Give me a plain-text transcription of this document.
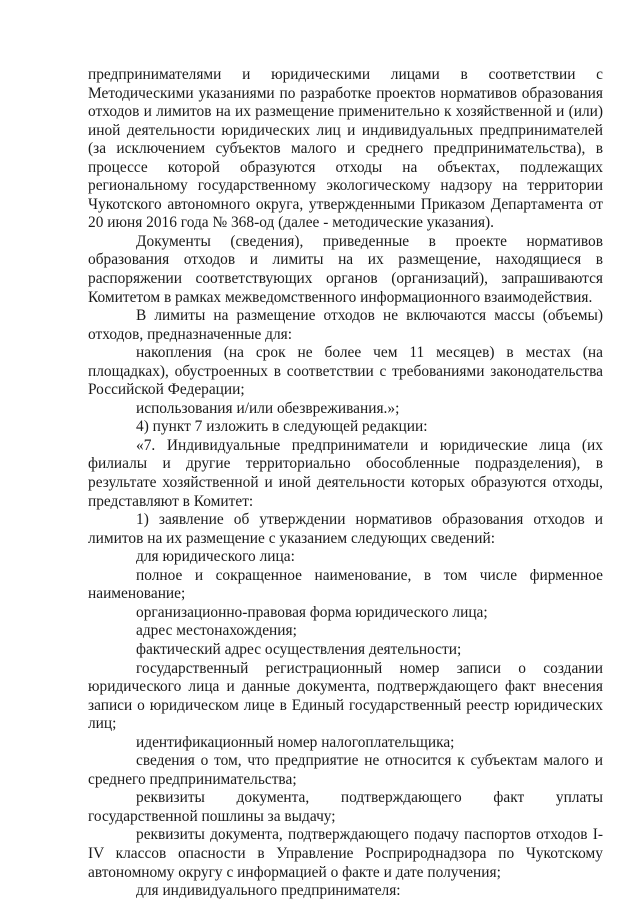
предпринимателями и юридическими лицами в соответствии с Методическими указаниями по разработке проектов нормативов образования отходов и лимитов на их размещение применительно к хозяйственной и (или) иной деятельности юридических лиц и индивидуальных предпринимателей (за исключением субъектов малого и среднего предпринимательства), в процессе которой образуются отходы на объектах, подлежащих региональному государственному экологическому надзору на территории Чукотского автономного округа, утвержденными Приказом Департамента от 20 июня 2016 года № 368-од (далее - методические указания).

Документы (сведения), приведенные в проекте нормативов образования отходов и лимиты на их размещение, находящиеся в распоряжении соответствующих органов (организаций), запрашиваются Комитетом в рамках межведомственного информационного взаимодействия.

В лимиты на размещение отходов не включаются массы (объемы) отходов, предназначенные для:

накопления (на срок не более чем 11 месяцев) в местах (на площадках), обустроенных в соответствии с требованиями законодательства Российской Федерации;

использования и/или обезвреживания.»;

4) пункт 7 изложить в следующей редакции:

«7. Индивидуальные предприниматели и юридические лица (их филиалы и другие территориально обособленные подразделения), в результате хозяйственной и иной деятельности которых образуются отходы, представляют в Комитет:

1) заявление об утверждении нормативов образования отходов и лимитов на их размещение с указанием следующих сведений:

для юридического лица:

полное и сокращенное наименование, в том числе фирменное наименование;

организационно-правовая форма юридического лица;

адрес местонахождения;

фактический адрес осуществления деятельности;

государственный регистрационный номер записи о создании юридического лица и данные документа, подтверждающего факт внесения записи о юридическом лице в Единый государственный реестр юридических лиц;

идентификационный номер налогоплательщика;

сведения о том, что предприятие не относится к субъектам малого и среднего предпринимательства;

реквизиты документа, подтверждающего факт уплаты государственной пошлины за выдачу;

реквизиты документа, подтверждающего подачу паспортов отходов I-IV классов опасности в Управление Росприроднадзора по Чукотскому автономному округу с информацией о факте и дате получения;

для индивидуального предпринимателя:
